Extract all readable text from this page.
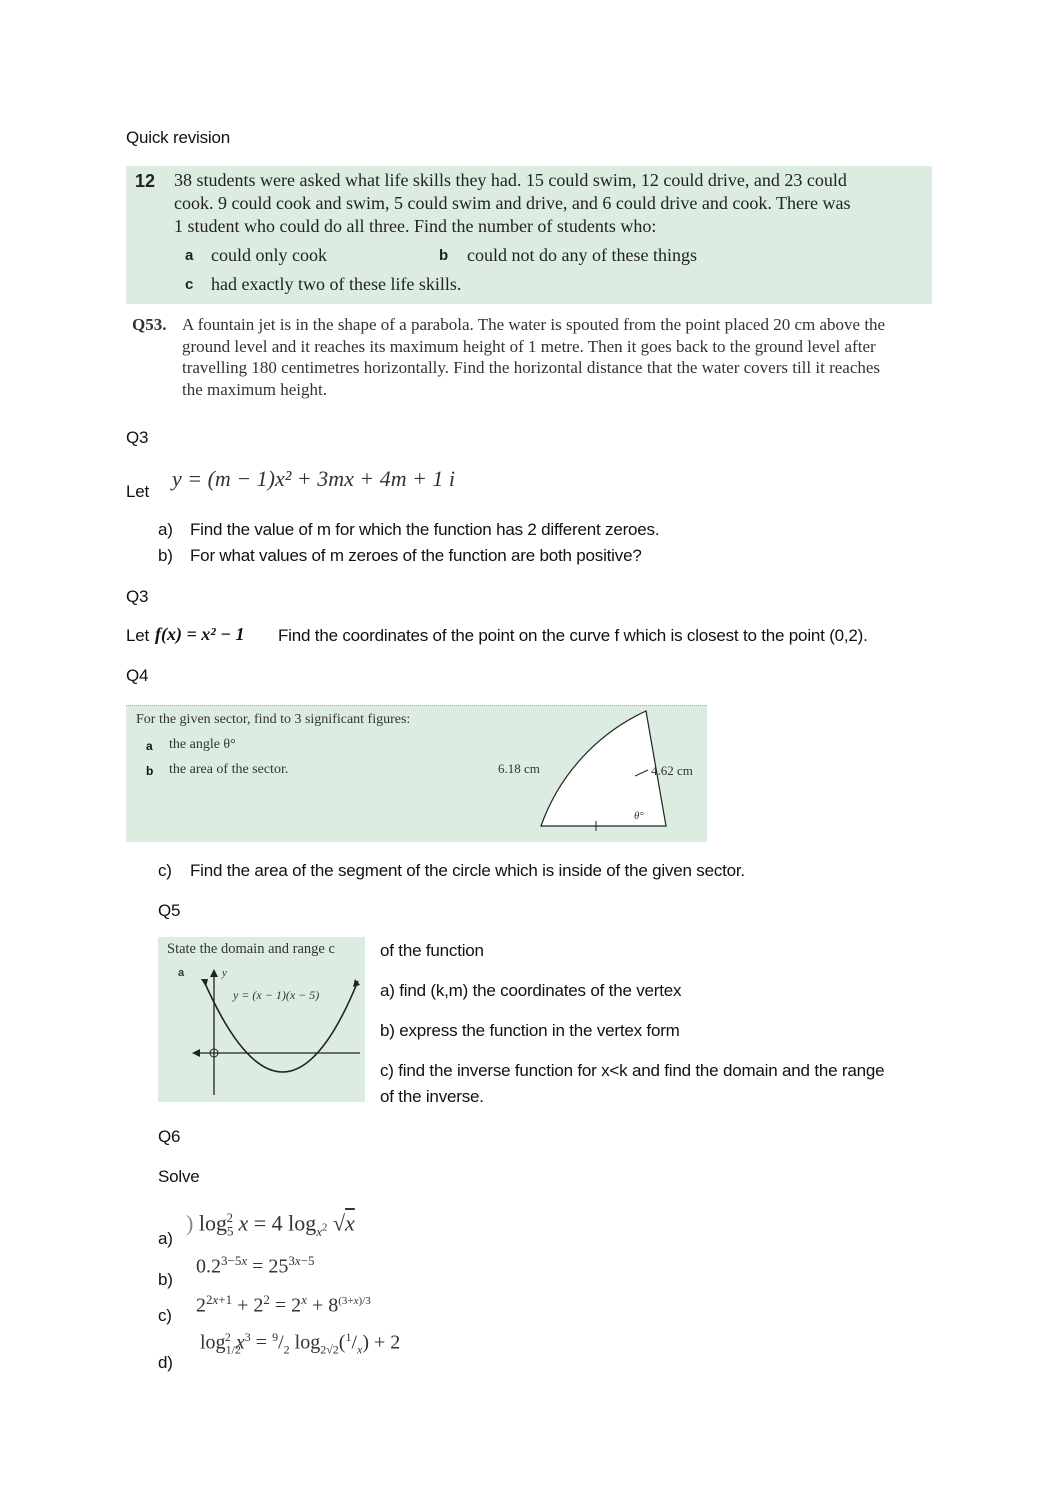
Quick revision
12 38 students were asked what life skills they had. 15 could swim, 12 could drive, and 23 could
cook. 9 could cook and swim, 5 could swim and drive, and 6 could drive and cook. There was
1 student who could do all three. Find the number of students who:
a could only cook	b could not do any of these things
c had exactly two of these life skills.
Q53. A fountain jet is in the shape of a parabola. The water is spouted from the point placed 20 cm above the
ground level and it reaches its maximum height of 1 metre. Then it goes back to the ground level after
travelling 180 centimetres horizontally. Find the horizontal distance that the water covers till it reaches
the maximum height.
Q3
Let
y = (m − 1)x² + 3mx + 4m + 1 i
a) Find the value of m for which the function has 2 different zeroes.
b) For what values of m zeroes of the function are both positive?
Q3
Let f(x) = x² − 1 Find the coordinates of the point on the curve f which is closest to the point (0,2).
Q4
For the given sector, find to 3 significant figures:
a the angle θ°
b the area of the sector.	6.18 cm	4.62 cm
θ°
c) Find the area of the segment of the circle which is inside of the given sector.
Q5
State the domain and range c
a	y
y = (x − 1)(x − 5)
of the function
a) find (k,m) the coordinates of the vertex
b) express the function in the vertex form
c) find the inverse function for x<k and find the domain and the range
of the inverse.
Q6
Solve
a)
) $\log_5^2 x = 4$ $\log_{x^2} √x$
b)
$0.2^{3-5x} = 25^{3x-5}$
c) $2^{2x+1} + 2^2 = 2^x + 8^{(3+x)/3}$
d)
$\log_{1/2}^2 x^3 = ^9/_2$ $\log_{2√2}(^1/_x) + 2$
